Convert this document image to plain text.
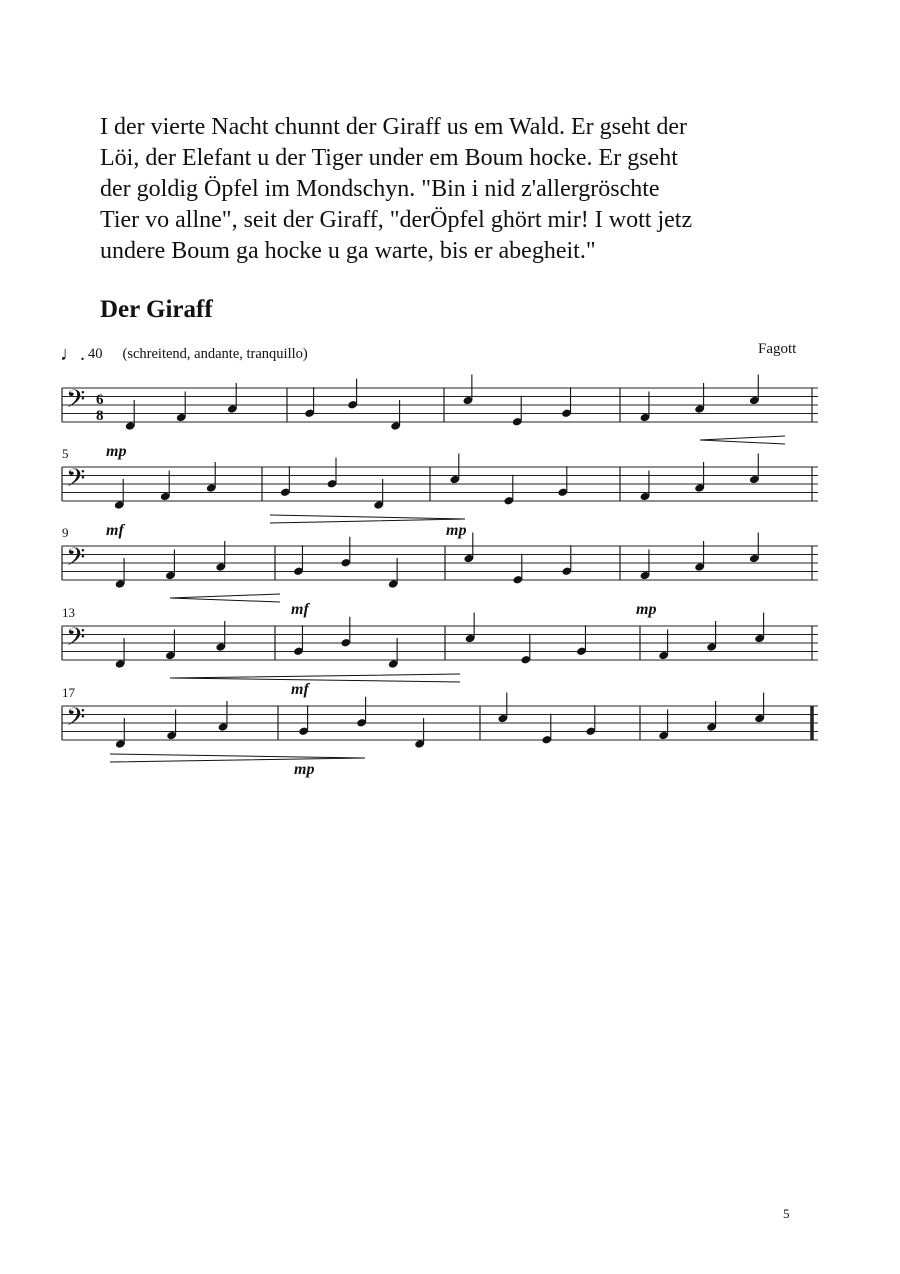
I der vierte Nacht chunnt der Giraff us em Wald. Er gseht der
Löi, der Elefant u der Tiger under em Boum hocke. Er gseht
der goldig Öpfel im Mondschyn. "Bin i nid z'allergröschte
Tier vo allne", seit der Giraff, "derÖpfel ghört mir! I wott jetz
undere Boum ga hocke u ga warte, bis er abegheit."
Der Giraff
♩. 40 (schreitend, andante, tranquillo)	Fagott
𝄢 6
8
𝄢
5
𝄢
9
𝄢
13
𝄢
17
mp
mf	mp
mf	mp
mf
mp
5
